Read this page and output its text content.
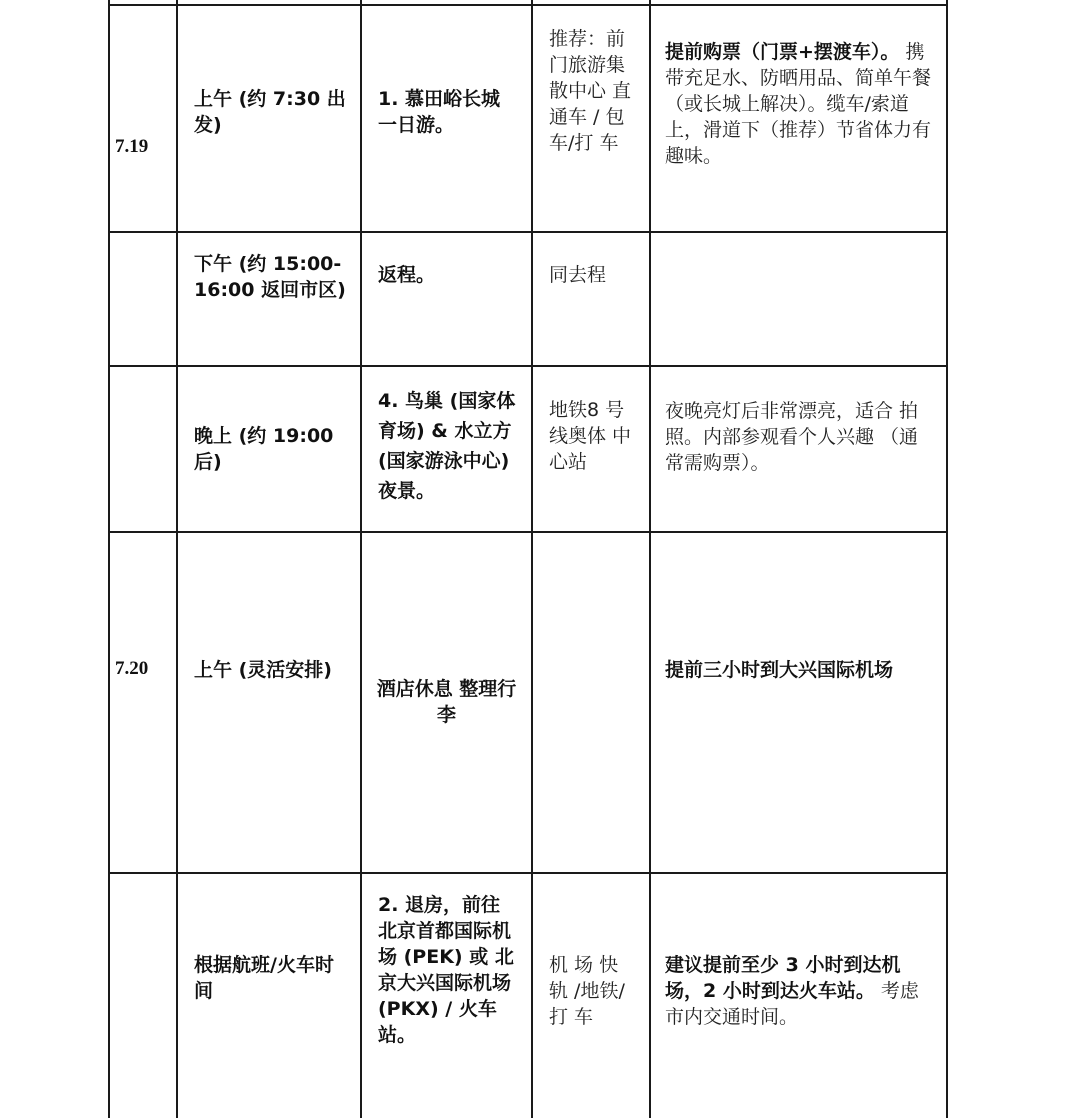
7.19	上午 (约 7:30 出发)	1. 慕田峪长城一日游。	推荐：前门旅游集散中心 直 通车 / 包车/打 车	提前购票（门票+摆渡车）。 携带充足水、防晒用品、简单午餐（或长城上解决）。缆车/索道上，滑道下（推荐）节省体力有趣味。

	下午 (约 15:00-16:00 返回市区)	返程。	同去程	

	晚上 (约 19:00 后)	4. 鸟巢 (国家体育场) & 水立方 (国家游泳中心) 夜景。	地铁8 号线奥体 中 心站	夜晚亮灯后非常漂亮，适合 拍照。内部参观看个人兴趣 （通常需购票）。

7.20	上午 (灵活安排)	酒店休息 整理行李		提前三小时到大兴国际机场

	根据航班/火车时间	2. 退房，前往北京首都国际机场 (PEK) 或 北京大兴国际机场 (PKX) / 火车站。	机 场 快 轨 /地铁/ 打 车	建议提前至少 3 小时到达机场，2 小时到达火车站。 考虑市内交通时间。
